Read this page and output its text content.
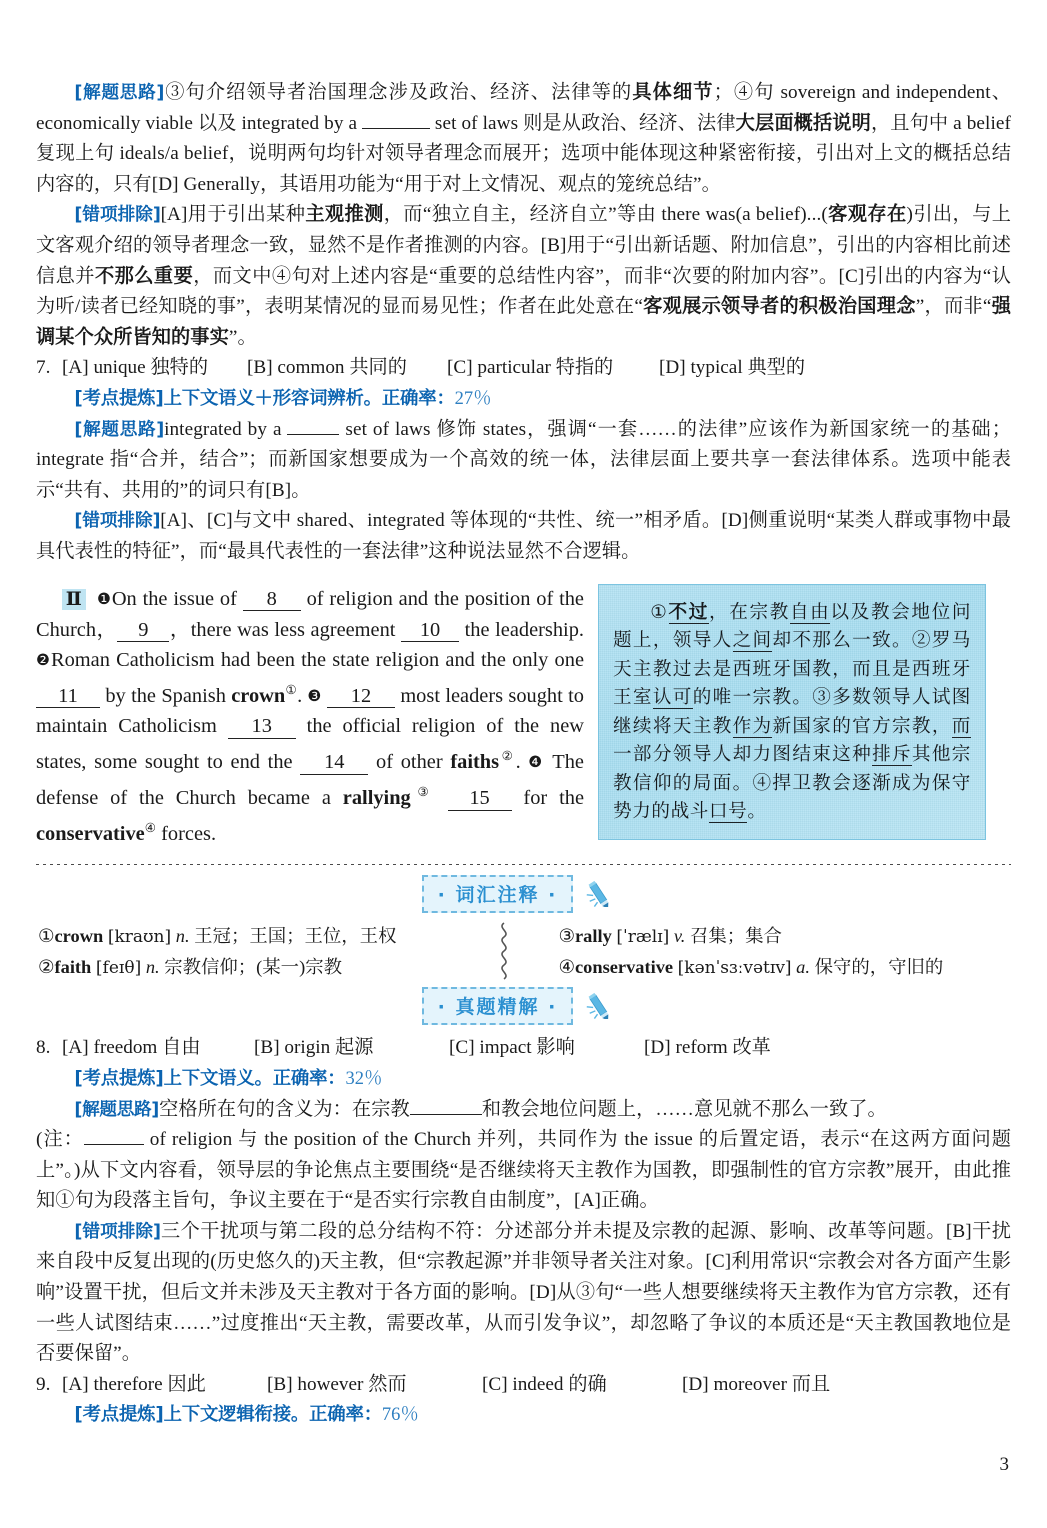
[解题思路]③句介绍领导者治国理念涉及政治、经济、法律等的具体细节；④句 sovereign and independent、economically viable 以及 integrated by a	set of laws 则是从政治、经济、法律大层面概括说明，且句中 a belief 复现上句 ideals/a belief，说明两句均针对领导者理念而展开；选项中能体现这种紧密衔接，引出对上文的概括总结内容的，只有[D] Generally，其语用功能为“用于对上文情况、观点的笼统总结”。

[错项排除][A]用于引出某种主观推测，而“独立自主，经济自立”等由 there was(a belief)...(客观存在)引出，与上文客观介绍的领导者理念一致，显然不是作者推测的内容。[B]用于“引出新话题、附加信息”，引出的内容相比前述信息并不那么重要，而文中④句对上述内容是“重要的总结性内容”，而非“次要的附加内容”。[C]引出的内容为“认为听/读者已经知晓的事”，表明某情况的显而易见性；作者在此处意在“客观展示领导者的积极治国理念”，而非“强调某个众所皆知的事实”。

7. [A] unique 独特的 [B] common 共同的 [C] particular 特指的 [D] typical 典型的

[考点提炼]上下文语义＋形容词辨析。正确率：27％

[解题思路]integrated by a	set of laws 修饰 states，强调“一套……的法律”应该作为新国家统一的基础；integrate 指“合并，结合”；而新国家想要成为一个高效的统一体，法律层面上要共享一套法律体系。选项中能表示“共有、共用的”的词只有[B]。

[错项排除][A]、[C]与文中 shared、integrated 等体现的“共性、统一”相矛盾。[D]侧重说明“某类人群或事物中最具代表性的特征”，而“最具代表性的一套法律”这种说法显然不合逻辑。

Ⅱ ❶On the issue of 8 of religion and the position of the Church， 9 ，there was less agreement 10 the leadership. ❷Roman Catholicism had been the state religion and the only one 11 by the Spanish crown①. ❸ 12 most leaders sought to maintain Catholicism 13 the official religion of the new states, some sought to end the 14 of other faiths②. ❹ The defense of the Church became a rallying③ 15 for the conservative④ forces.

①不过，在宗教自由以及教会地位问题上，领导人之间却不那么一致。②罗马天主教过去是西班牙国教，而且是西班牙王室认可的唯一宗教。③多数领导人试图继续将天主教作为新国家的官方宗教，而一部分领导人却力图结束这种排斥其他宗教信仰的局面。④捍卫教会逐渐成为保守势力的战斗口号。

· 词汇注释 ·
①crown [kraʊn] n. 王冠；王国；王位，王权
②faith [feɪθ] n. 宗教信仰；(某一)宗教
③rally [ˈrælɪ] v. 召集；集合
④conservative [kənˈsɜːvətɪv] a. 保守的，守旧的
· 真题精解 ·

8. [A] freedom 自由	[B] origin 起源	[C] impact 影响	[D] reform 改革

[考点提炼]上下文语义。正确率：32％

[解题思路]空格所在句的含义为：在宗教	和教会地位问题上，……意见就不那么一致了。

(注：	of religion 与 the position of the Church 并列，共同作为 the issue 的后置定语，表示“在这两方面问题上”。)从下文内容看，领导层的争论焦点主要围绕“是否继续将天主教作为国教，即强制性的官方宗教”展开，由此推知①句为段落主旨句，争议主要在于“是否实行宗教自由制度”，[A]正确。

[错项排除]三个干扰项与第二段的总分结构不符：分述部分并未提及宗教的起源、影响、改革等问题。[B]干扰来自段中反复出现的(历史悠久的)天主教，但“宗教起源”并非领导者关注对象。[C]利用常识“宗教会对各方面产生影响”设置干扰，但后文并未涉及天主教对于各方面的影响。[D]从③句“一些人想要继续将天主教作为官方宗教，还有一些人试图结束……”过度推出“天主教，需要改革，从而引发争议”，却忽略了争议的本质还是“天主教国教地位是否要保留”。

9. [A] therefore 因此	[B] however 然而	[C] indeed 的确	[D] moreover 而且

[考点提炼]上下文逻辑衔接。正确率：76％

3
